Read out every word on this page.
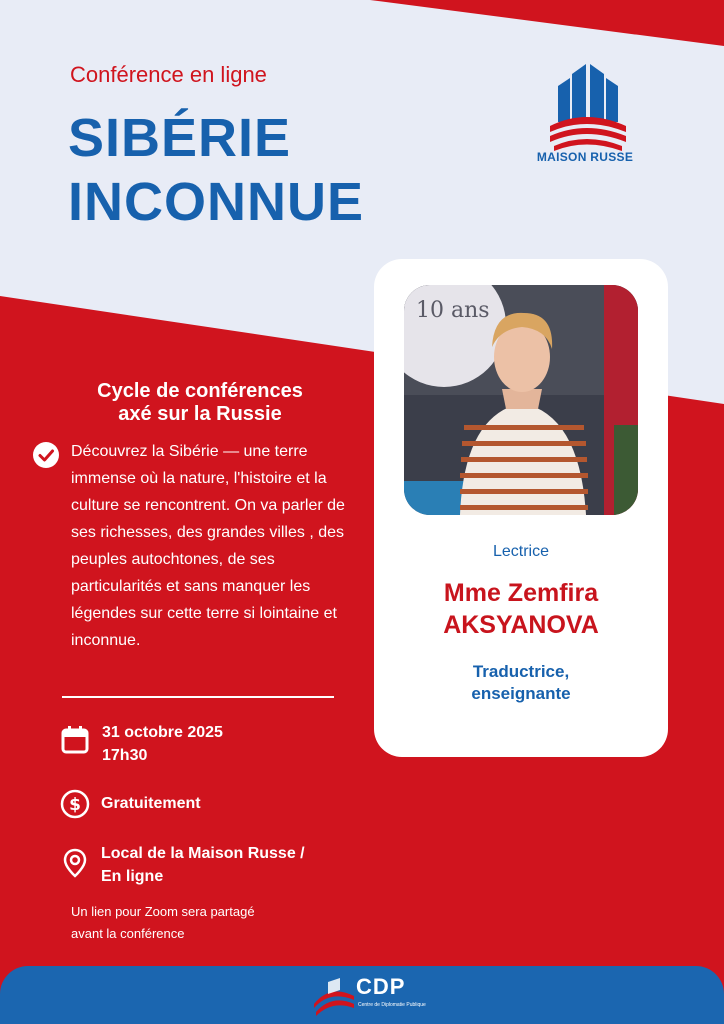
Conférence en ligne
SIBÉRIE
INCONNUE
MAISON RUSSE
10 ans
Lectrice
Mme Zemfira
AKSYANOVA
Traductrice,
enseignante
Cycle de conférences
axé sur la Russie

Découvrez la Sibérie — une terre immense où la nature, l'histoire et la culture se rencontrent. On va parler de ses richesses, des grandes villes , des peuples autochtones, de ses particularités et sans manquer les légendes sur cette terre si lointaine et inconnue.

31 octobre 2025
17h30
$ Gratuitement
Local de la Maison Russe /
En ligne
Un lien pour Zoom sera partagé
avant la conférence
CDP
Centre de Diplomatie Publique
